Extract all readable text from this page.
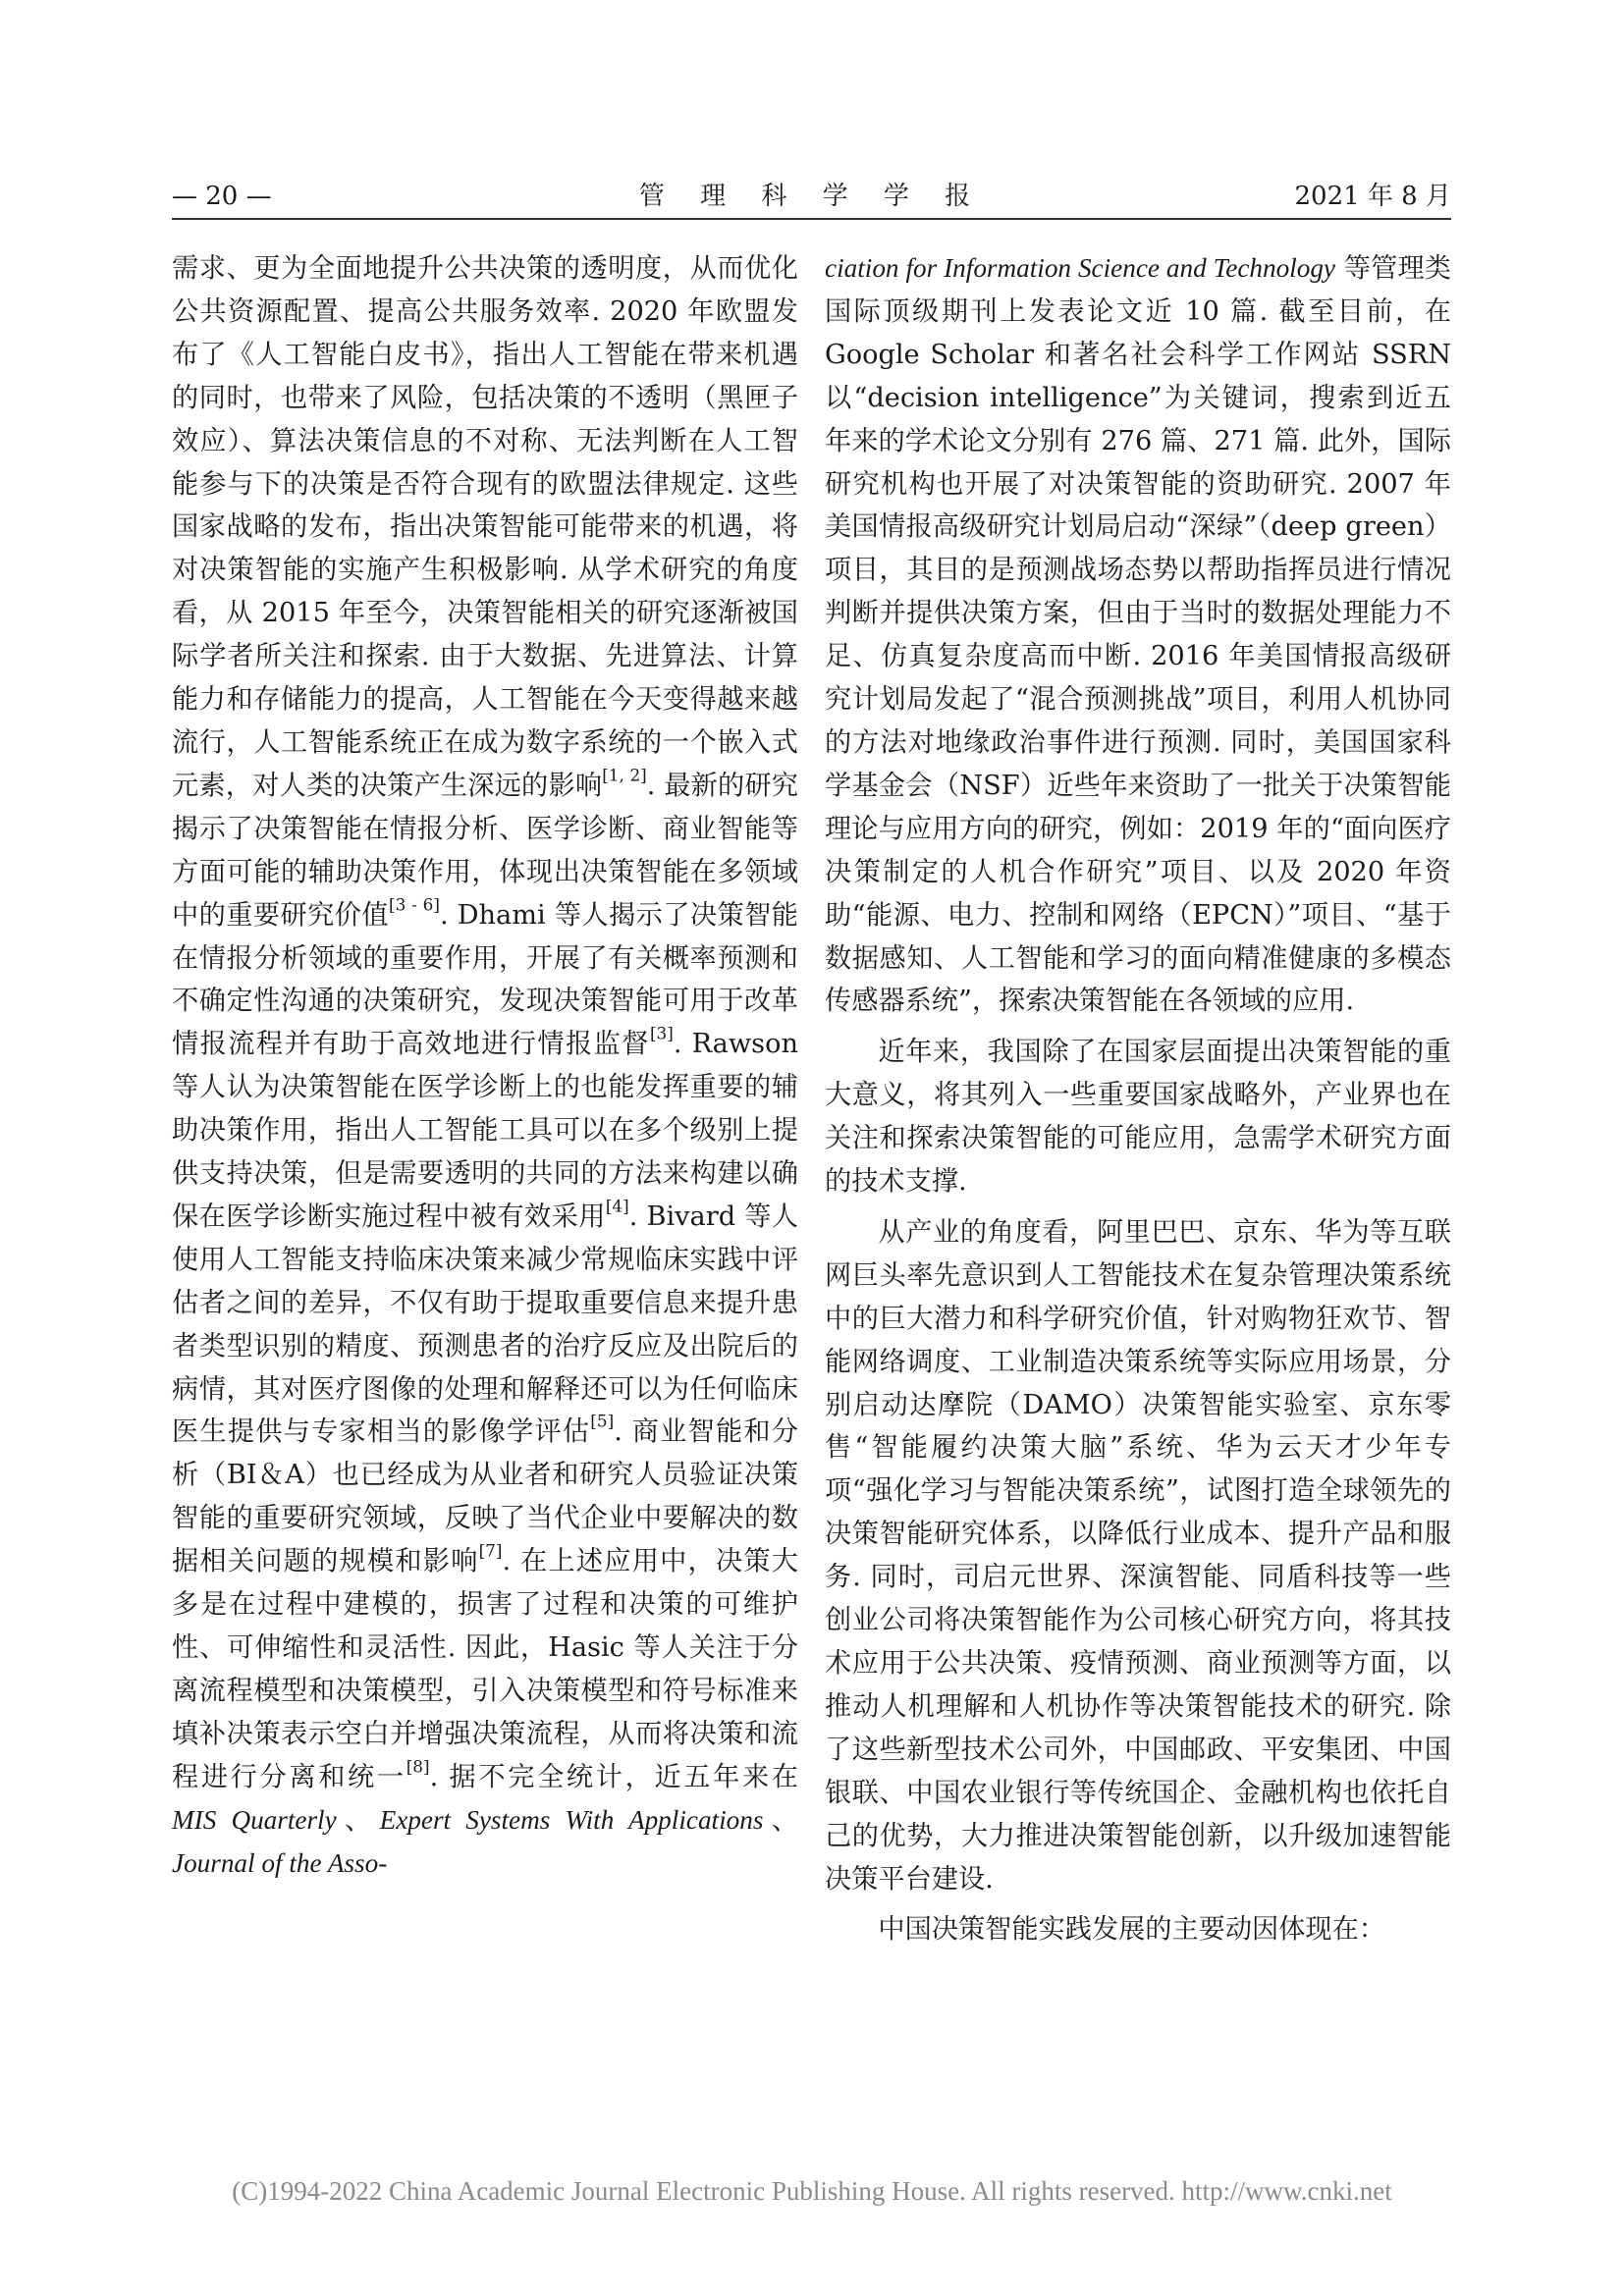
— 20 —	管 理 科 学 学 报	2021 年 8 月

需求、更为全面地提升公共决策的透明度，从而优化公共资源配置、提高公共服务效率. 2020 年欧盟发布了《人工智能白皮书》，指出人工智能在带来机遇的同时，也带来了风险，包括决策的不透明（黑匣子效应）、算法决策信息的不对称、无法判断在人工智能参与下的决策是否符合现有的欧盟法律规定. 这些国家战略的发布，指出决策智能可能带来的机遇，将对决策智能的实施产生积极影响. 从学术研究的角度看，从 2015 年至今，决策智能相关的研究逐渐被国际学者所关注和探索. 由于大数据、先进算法、计算能力和存储能力的提高，人工智能在今天变得越来越流行，人工智能系统正在成为数字系统的一个嵌入式元素，对人类的决策产生深远的影响[1, 2]. 最新的研究揭示了决策智能在情报分析、医学诊断、商业智能等方面可能的辅助决策作用，体现出决策智能在多领域中的重要研究价值[3 - 6]. Dhami 等人揭示了决策智能在情报分析领域的重要作用，开展了有关概率预测和不确定性沟通的决策研究，发现决策智能可用于改革情报流程并有助于高效地进行情报监督[3]. Rawson 等人认为决策智能在医学诊断上的也能发挥重要的辅助决策作用，指出人工智能工具可以在多个级别上提供支持决策，但是需要透明的共同的方法来构建以确保在医学诊断实施过程中被有效采用[4]. Bivard 等人使用人工智能支持临床决策来减少常规临床实践中评估者之间的差异，不仅有助于提取重要信息来提升患者类型识别的精度、预测患者的治疗反应及出院后的病情，其对医疗图像的处理和解释还可以为任何临床医生提供与专家相当的影像学评估[5]. 商业智能和分析（BI＆A）也已经成为从业者和研究人员验证决策智能的重要研究领域，反映了当代企业中要解决的数据相关问题的规模和影响[7]. 在上述应用中，决策大多是在过程中建模的，损害了过程和决策的可维护性、可伸缩性和灵活性. 因此，Hasic 等人关注于分离流程模型和决策模型，引入决策模型和符号标准来填补决策表示空白并增强决策流程，从而将决策和流程进行分离和统一[8]. 据不完全统计，近五年来在 MIS Quarterly、Expert Systems With Applications、Journal of the Asso-

ciation for Information Science and Technology 等管理类国际顶级期刊上发表论文近 10 篇. 截至目前，在 Google Scholar 和著名社会科学工作网站 SSRN 以“decision intelligence”为关键词，搜索到近五年来的学术论文分别有 276 篇、271 篇. 此外，国际研究机构也开展了对决策智能的资助研究. 2007 年美国情报高级研究计划局启动“深绿”（deep green）项目，其目的是预测战场态势以帮助指挥员进行情况判断并提供决策方案，但由于当时的数据处理能力不足、仿真复杂度高而中断. 2016 年美国情报高级研究计划局发起了“混合预测挑战”项目，利用人机协同的方法对地缘政治事件进行预测. 同时，美国国家科学基金会（NSF）近些年来资助了一批关于决策智能理论与应用方向的研究，例如：2019 年的“面向医疗决策制定的人机合作研究”项目、以及 2020 年资助“能源、电力、控制和网络（EPCN）”项目、“基于数据感知、人工智能和学习的面向精准健康的多模态传感器系统”，探索决策智能在各领域的应用.

近年来，我国除了在国家层面提出决策智能的重大意义，将其列入一些重要国家战略外，产业界也在关注和探索决策智能的可能应用，急需学术研究方面的技术支撑.

从产业的角度看，阿里巴巴、京东、华为等互联网巨头率先意识到人工智能技术在复杂管理决策系统中的巨大潜力和科学研究价值，针对购物狂欢节、智能网络调度、工业制造决策系统等实际应用场景，分别启动达摩院（DAMO）决策智能实验室、京东零售“智能履约决策大脑”系统、华为云天才少年专项“强化学习与智能决策系统”，试图打造全球领先的决策智能研究体系，以降低行业成本、提升产品和服务. 同时，司启元世界、深演智能、同盾科技等一些创业公司将决策智能作为公司核心研究方向，将其技术应用于公共决策、疫情预测、商业预测等方面，以推动人机理解和人机协作等决策智能技术的研究. 除了这些新型技术公司外，中国邮政、平安集团、中国银联、中国农业银行等传统国企、金融机构也依托自己的优势，大力推进决策智能创新，以升级加速智能决策平台建设.

中国决策智能实践发展的主要动因体现在：

(C)1994-2022 China Academic Journal Electronic Publishing House. All rights reserved. http://www.cnki.net
